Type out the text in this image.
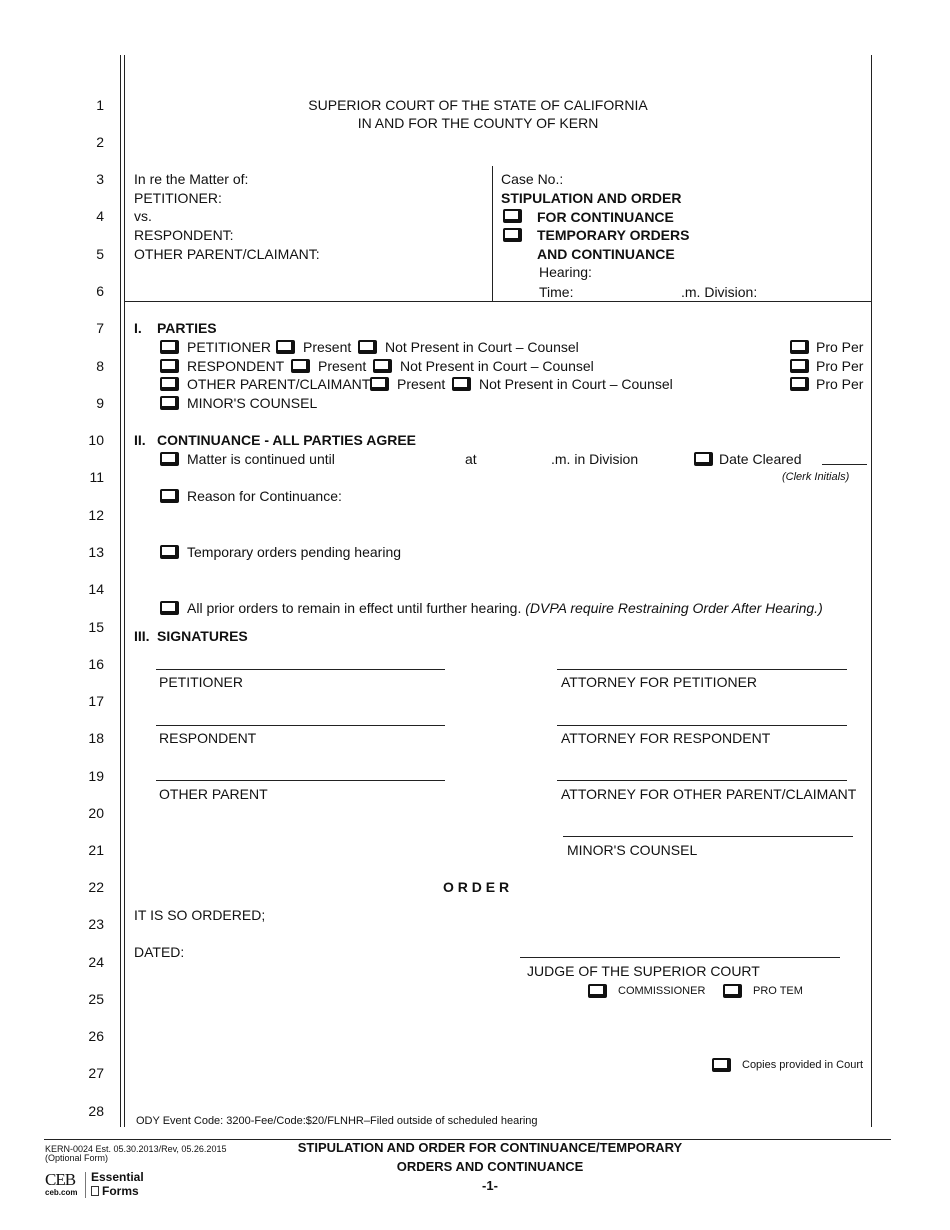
1
2
3
4
5
6
7
8
9
10
11
12
13
14
15
16
17
18
19
20
21
22
23
24
25
26
27
28
SUPERIOR COURT OF THE STATE OF CALIFORNIA
IN AND FOR THE COUNTY OF KERN
In re the Matter of:
PETITIONER:
vs.
RESPONDENT:
OTHER PARENT/CLAIMANT:
Case No.:
STIPULATION AND ORDER
FOR CONTINUANCE
TEMPORARY ORDERS
AND CONTINUANCE
Hearing:
Time:	.m. Division:
I. PARTIES
PETITIONER Present Not Present in Court – Counsel	Pro Per
RESPONDENT Present Not Present in Court – Counsel	Pro Per
OTHER PARENT/CLAIMANT Present Not Present in Court – Counsel	Pro Per
MINOR'S COUNSEL
II. CONTINUANCE - ALL PARTIES AGREE
Matter is continued until	at	.m. in Division	Date Cleared
(Clerk Initials)
Reason for Continuance:
Temporary orders pending hearing
All prior orders to remain in effect until further hearing. (DVPA require Restraining Order After Hearing.)
III. SIGNATURES
PETITIONER	ATTORNEY FOR PETITIONER
RESPONDENT	ATTORNEY FOR RESPONDENT
OTHER PARENT	ATTORNEY FOR OTHER PARENT/CLAIMANT
MINOR'S COUNSEL
O R D E R
IT IS SO ORDERED;
DATED:
JUDGE OF THE SUPERIOR COURT
COMMISSIONER	PRO TEM
Copies provided in Court
ODY Event Code: 3200-Fee/Code:$20/FLNHR–Filed outside of scheduled hearing
KERN-0024 Est. 05.30.2013/Rev, 05.26.2015
(Optional Form)
STIPULATION AND ORDER FOR CONTINUANCE/TEMPORARY
ORDERS AND CONTINUANCE
-1-
CEB
ceb.com
Essential
Forms
